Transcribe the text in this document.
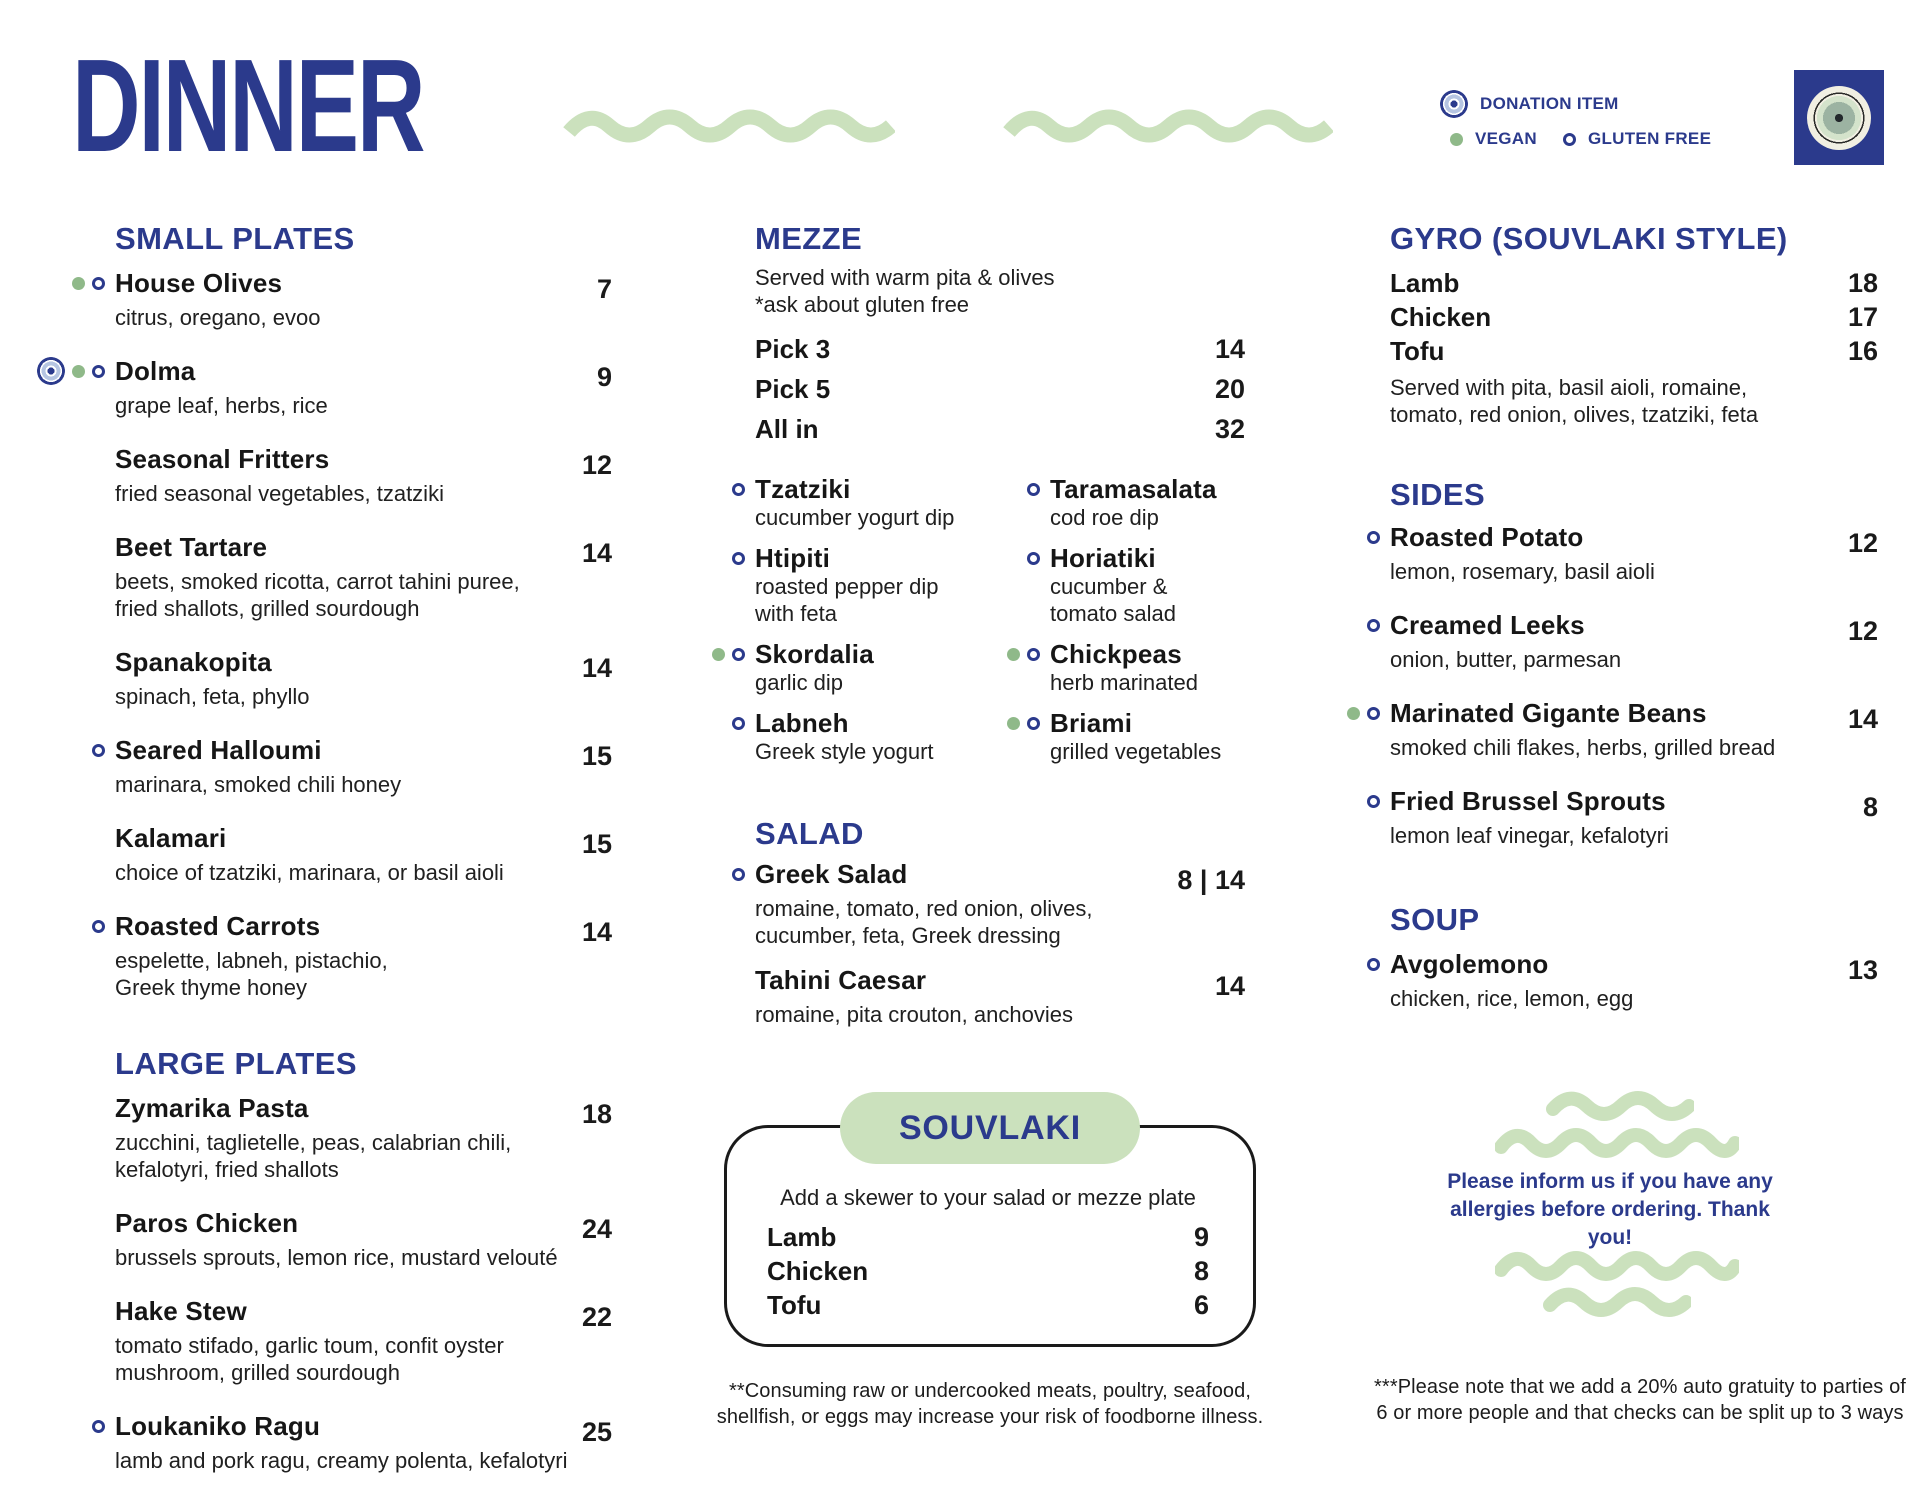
DINNER	DONATION ITEM
VEGAN	GLUTEN FREE
SMALL PLATES
House Olives	7
citrus, oregano, evoo
Dolma	9
grape leaf, herbs, rice
Seasonal Fritters	12
fried seasonal vegetables, tzatziki
Beet Tartare	14
beets, smoked ricotta, carrot tahini puree,
fried shallots, grilled sourdough
Spanakopita	14
spinach, feta, phyllo
Seared Halloumi	15
marinara, smoked chili honey
Kalamari	15
choice of tzatziki, marinara, or basil aioli
Roasted Carrots	14
espelette, labneh, pistachio,
Greek thyme honey
LARGE PLATES
Zymarika Pasta	18
zucchini, taglietelle, peas, calabrian chili,
kefalotyri, fried shallots
Paros Chicken	24
brussels sprouts, lemon rice, mustard velouté
Hake Stew	22
tomato stifado, garlic toum, confit oyster
mushroom, grilled sourdough
Loukaniko Ragu	25
lamb and pork ragu, creamy polenta, kefalotyri
MEZZE
Served with warm pita & olives
*ask about gluten free
Pick 3	14
Pick 5	20
All in	32
Tzatziki
cucumber yogurt dip
Htipiti
roasted pepper dip
with feta
Skordalia
garlic dip
Labneh
Greek style yogurt
Taramasalata
cod roe dip
Horiatiki
cucumber &
tomato salad
Chickpeas
herb marinated
Briami
grilled vegetables
SALAD
Greek Salad	8 | 14
romaine, tomato, red onion, olives,
cucumber, feta, Greek dressing
Tahini Caesar	14
romaine, pita crouton, anchovies
Add a skewer to your salad or mezze plate
Lamb	9
Chicken	8
Tofu	6
SOUVLAKI
GYRO (SOUVLAKI STYLE)
Lamb	18
Chicken	17
Tofu	16
Served with pita, basil aioli, romaine,
tomato, red onion, olives, tzatziki, feta
SIDES
Roasted Potato	12
lemon, rosemary, basil aioli
Creamed Leeks	12
onion, butter, parmesan
Marinated Gigante Beans	14
smoked chili flakes, herbs, grilled bread
Fried Brussel Sprouts	8
lemon leaf vinegar, kefalotyri
SOUP
Avgolemono	13
chicken, rice, lemon, egg
Please inform us if you have any
allergies before ordering. Thank you!
**Consuming raw or undercooked meats, poultry, seafood,
shellfish, or eggs may increase your risk of foodborne illness.
***Please note that we add a 20% auto gratuity to parties of
6 or more people and that checks can be split up to 3 ways
